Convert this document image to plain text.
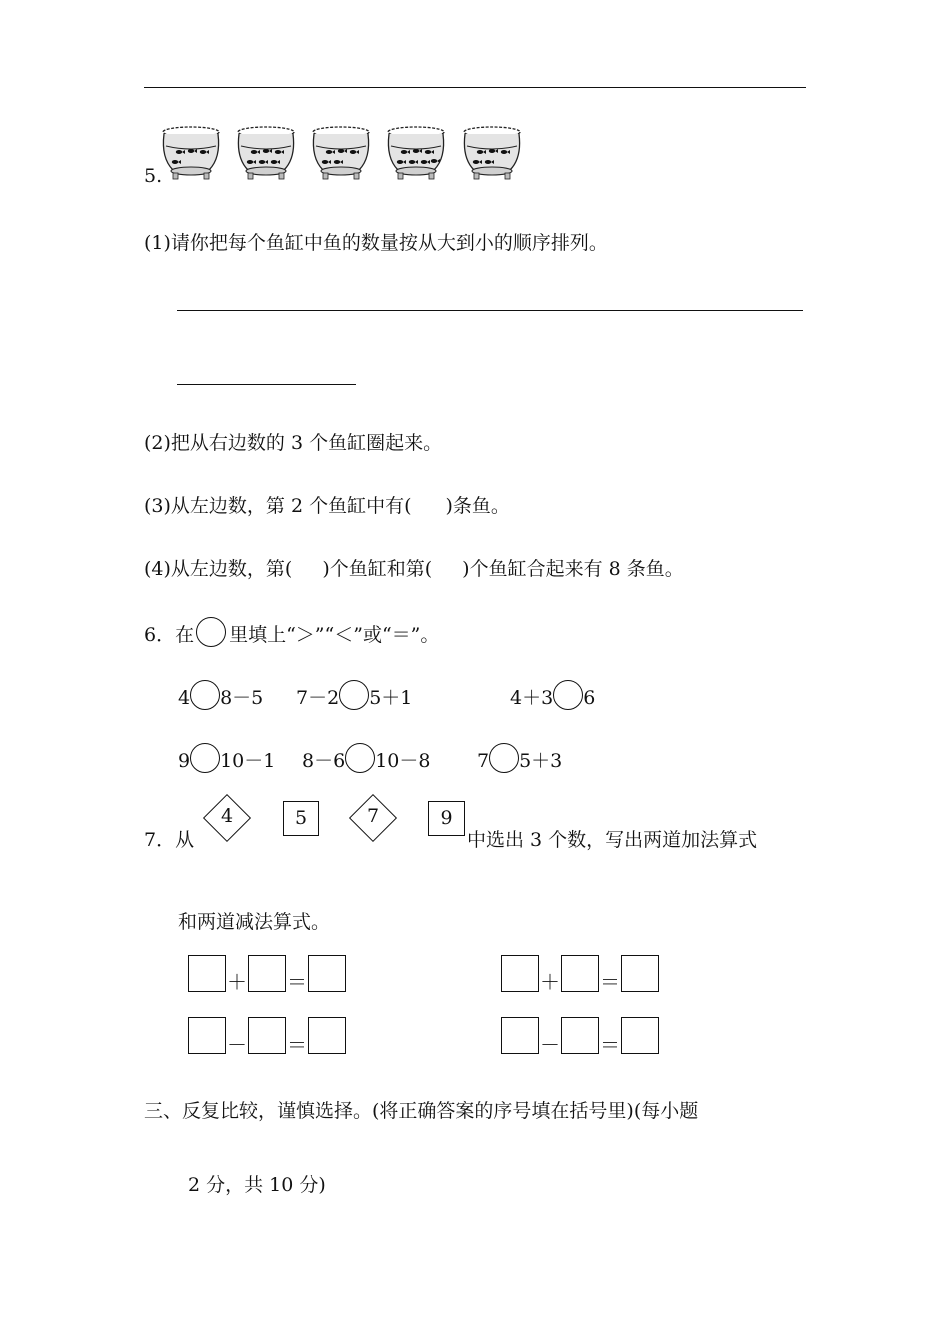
5.
(1)请你把每个鱼缸中鱼的数量按从大到小的顺序排列。
(2)把从右边数的 3 个鱼缸圈起来。
(3)从左边数，第 2 个鱼缸中有( )条鱼。
(4)从左边数，第( )个鱼缸和第( )个鱼缸合起来有 8 条鱼。
6．在 里填上“＞”“＜”或“＝”。
4 8－5 7－2 5＋1	4＋3 6
9 10－1 8－6 10－8 7 5＋3
7．从
4	5	7	9
中选出 3 个数，写出两道加法算式
和两道减法算式。
＋ ＝	＋ ＝
－ ＝	－ ＝
三、反复比较，谨慎选择。(将正确答案的序号填在括号里)(每小题
2 分，共 10 分)
